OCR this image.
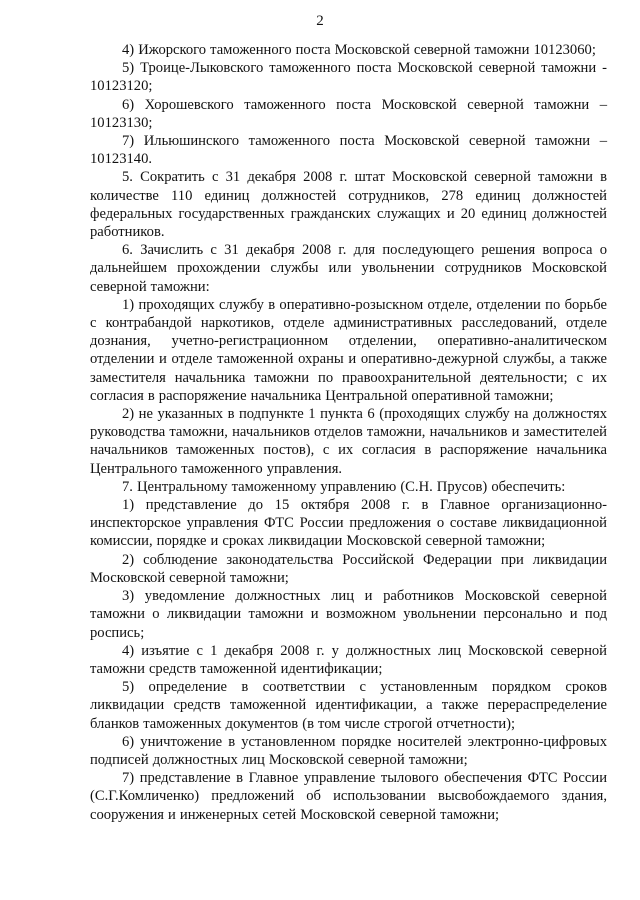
2

4) Ижорского таможенного поста Московской северной таможни 10123060;

5) Троице-Лыковского таможенного поста Московской северной таможни - 10123120;

6) Хорошевского таможенного поста Московской северной таможни – 10123130;

7) Ильюшинского таможенного поста Московской северной таможни – 10123140.

5. Сократить с 31 декабря 2008 г. штат Московской северной таможни в количестве 110 единиц должностей сотрудников, 278 единиц должностей федеральных государственных гражданских служащих и 20 единиц должностей работников.

6. Зачислить с 31 декабря 2008 г. для последующего решения вопроса о дальнейшем прохождении службы или увольнении сотрудников Московской северной таможни:

1) проходящих службу в оперативно-розыскном отделе, отделении по борьбе с контрабандой наркотиков, отделе административных расследований, отделе дознания, учетно-регистрационном отделении, оперативно-аналитическом отделении и отделе таможенной охраны и оперативно-дежурной службы, а также заместителя начальника таможни по правоохранительной деятельности; с их согласия в распоряжение начальника Центральной оперативной таможни;

2) не указанных в подпункте 1 пункта 6 (проходящих службу на должностях руководства таможни, начальников отделов таможни, начальников и заместителей начальников таможенных постов), с их согласия в распоряжение начальника Центрального таможенного управления.

7. Центральному таможенному управлению (С.Н. Прусов) обеспечить:

1) представление до 15 октября 2008 г. в Главное организационно-инспекторское управления ФТС России предложения о составе ликвидационной комиссии, порядке и сроках ликвидации Московской северной таможни;

2) соблюдение законодательства Российской Федерации при ликвидации Московской северной таможни;

3) уведомление должностных лиц и работников Московской северной таможни о ликвидации таможни и возможном увольнении персонально и под роспись;

4) изъятие с 1 декабря 2008 г. у должностных лиц Московской северной таможни средств таможенной идентификации;

5) определение в соответствии с установленным порядком сроков ликвидации средств таможенной идентификации, а также перераспределение бланков таможенных документов (в том числе строгой отчетности);

6) уничтожение в установленном порядке носителей электронно-цифровых подписей должностных лиц Московской северной таможни;

7) представление в Главное управление тылового обеспечения ФТС России (С.Г.Комличенко) предложений об использовании высвобождаемого здания, сооружения и инженерных сетей Московской северной таможни;
